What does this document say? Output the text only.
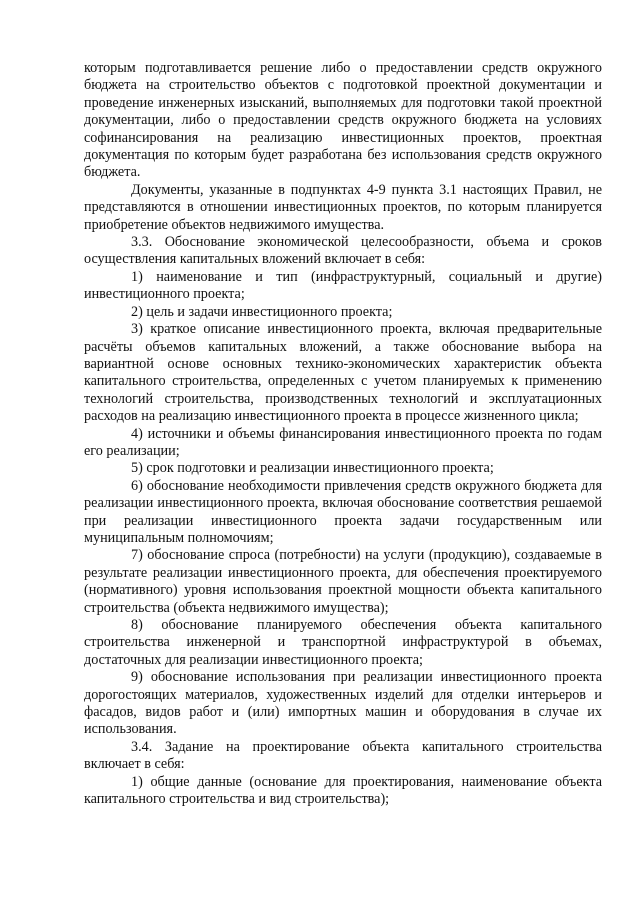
которым подготавливается решение либо о предоставлении средств окружного бюджета на строительство объектов с подготовкой проектной документации и проведение инженерных изысканий, выполняемых для подготовки такой проектной документации, либо о предоставлении средств окружного бюджета на условиях софинансирования на реализацию инвестиционных проектов, проектная документация по которым будет разработана без использования средств окружного бюджета.

Документы, указанные в подпунктах 4-9 пункта 3.1 настоящих Правил, не представляются в отношении инвестиционных проектов, по которым планируется приобретение объектов недвижимого имущества.

3.3. Обоснование экономической целесообразности, объема и сроков осуществления капитальных вложений включает в себя:

1) наименование и тип (инфраструктурный, социальный и другие) инвестиционного проекта;

2) цель и задачи инвестиционного проекта;

3) краткое описание инвестиционного проекта, включая предварительные расчёты объемов капитальных вложений, а также обоснование выбора на вариантной основе основных технико-экономических характеристик объекта капитального строительства, определенных с учетом планируемых к применению технологий строительства, производственных технологий и эксплуатационных расходов на реализацию инвестиционного проекта в процессе жизненного цикла;

4) источники и объемы финансирования инвестиционного проекта по годам его реализации;

5) срок подготовки и реализации инвестиционного проекта;

6) обоснование необходимости привлечения средств окружного бюджета для реализации инвестиционного проекта, включая обоснование соответствия решаемой при реализации инвестиционного проекта задачи государственным или муниципальным полномочиям;

7) обоснование спроса (потребности) на услуги (продукцию), создаваемые в результате реализации инвестиционного проекта, для обеспечения проектируемого (нормативного) уровня использования проектной мощности объекта капитального строительства (объекта недвижимого имущества);

8) обоснование планируемого обеспечения объекта капитального строительства инженерной и транспортной инфраструктурой в объемах, достаточных для реализации инвестиционного проекта;

9) обоснование использования при реализации инвестиционного проекта дорогостоящих материалов, художественных изделий для отделки интерьеров и фасадов, видов работ и (или) импортных машин и оборудования в случае их использования.

3.4. Задание на проектирование объекта капитального строительства включает в себя:

1) общие данные (основание для проектирования, наименование объекта капитального строительства и вид строительства);
